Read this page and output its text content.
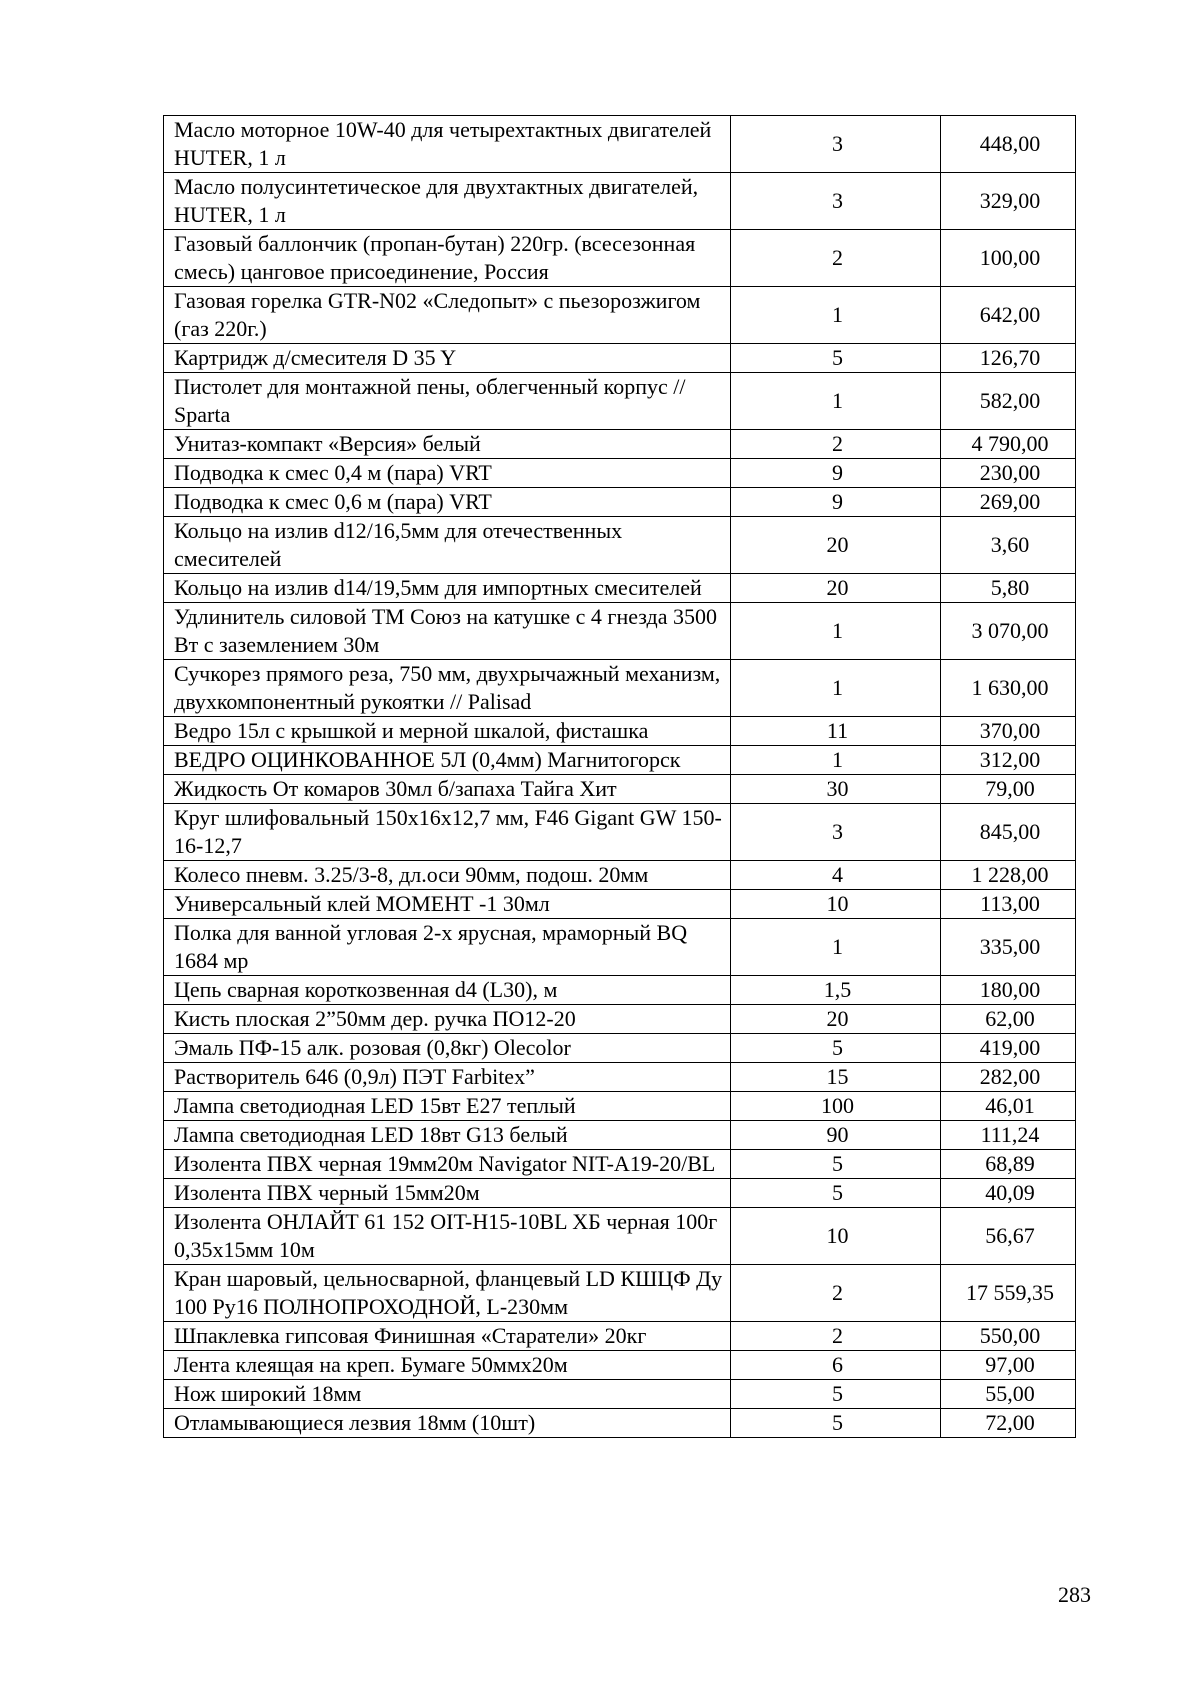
Масло моторное 10W-40 для четырехтактных двигателей HUTER, 1 л	3	448,00
Масло полусинтетическое для двухтактных двигателей, HUTER, 1 л	3	329,00
Газовый баллончик (пропан-бутан) 220гр. (всесезонная смесь) цанговое присоединение, Россия	2	100,00
Газовая горелка GTR-N02 «Следопыт» с пьезорозжигом (газ 220г.)	1	642,00
Картридж д/смесителя D 35 Y	5	126,70
Пистолет для монтажной пены, облегченный корпус // Sparta	1	582,00
Унитаз-компакт «Версия» белый	2	4 790,00
Подводка к смес 0,4 м (пара) VRT	9	230,00
Подводка к смес 0,6 м (пара) VRT	9	269,00
Кольцо на излив d12/16,5мм для отечественных смесителей	20	3,60
Кольцо на излив d14/19,5мм для импортных смесителей	20	5,80
Удлинитель силовой ТМ Союз на катушке с 4 гнезда 3500 Вт с заземлением 30м	1	3 070,00
Сучкорез прямого реза, 750 мм, двухрычажный механизм, двухкомпонентный рукоятки // Palisad	1	1 630,00
Ведро 15л с крышкой и мерной шкалой, фисташка	11	370,00
ВЕДРО ОЦИНКОВАННОЕ 5Л (0,4мм) Магнитогорск	1	312,00
Жидкость От комаров 30мл б/запаха Тайга Хит	30	79,00
Круг шлифовальный 150x16x12,7 мм, F46 Gigant GW 150-16-12,7	3	845,00
Колесо пневм. 3.25/3-8, дл.оси 90мм, подош. 20мм	4	1 228,00
Универсальный клей МОМЕНТ -1 30мл	10	113,00
Полка для ванной угловая 2-х ярусная, мраморный BQ 1684 мр	1	335,00
Цепь сварная короткозвенная d4 (L30), м	1,5	180,00
Кисть плоская 2”50мм дер. ручка ПО12-20	20	62,00
Эмаль ПФ-15 алк. розовая (0,8кг) Olecolor	5	419,00
Растворитель 646 (0,9л) ПЭТ Farbitex”	15	282,00
Лампа светодиодная LED 15вт Е27 теплый	100	46,01
Лампа светодиодная LED 18вт G13 белый	90	111,24
Изолента ПВХ черная 19мм20м Navigator NIT-A19-20/BL	5	68,89
Изолента ПВХ черный 15мм20м	5	40,09
Изолента ОНЛАЙТ 61 152 OIT-H15-10BL ХБ черная 100г 0,35x15мм 10м	10	56,67
Кран шаровый, цельносварной, фланцевый LD КШЦФ Ду 100 Ру16 ПОЛНОПРОХОДНОЙ, L-230мм	2	17 559,35
Шпаклевка гипсовая Финишная «Старатели» 20кг	2	550,00
Лента клеящая на креп. Бумаге 50ммх20м	6	97,00
Нож широкий 18мм	5	55,00
Отламывающиеся лезвия 18мм (10шт)	5	72,00
283
